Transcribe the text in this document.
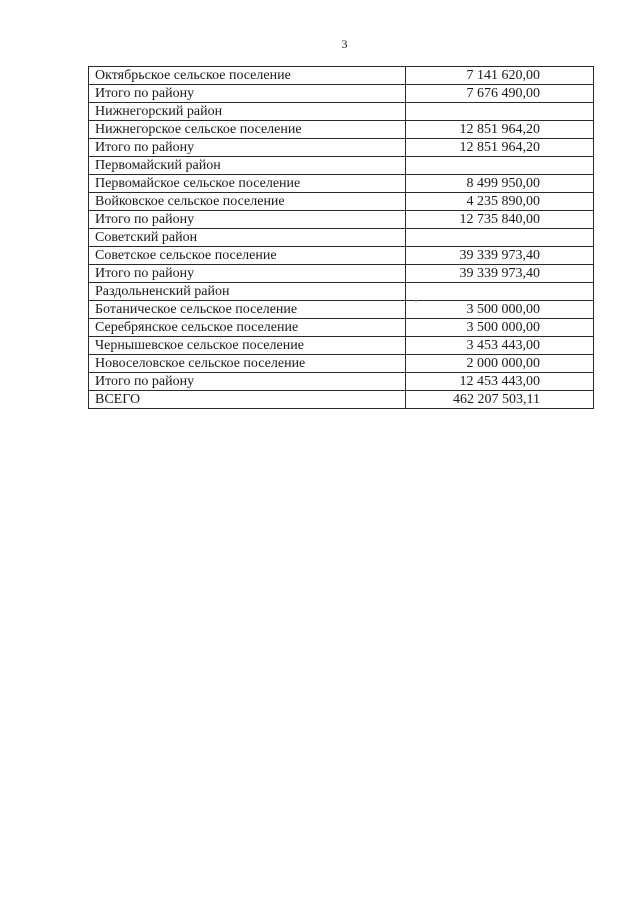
3
Октябрьское сельское поселение	7 141 620,00
Итого по району	7 676 490,00
Нижнегорский район	
Нижнегорское сельское поселение	12 851 964,20
Итого по району	12 851 964,20
Первомайский район	
Первомайское сельское поселение	8 499 950,00
Войковское сельское поселение	4 235 890,00
Итого по району	12 735 840,00
Советский район	
Советское сельское поселение	39 339 973,40
Итого по району	39 339 973,40
Раздольненский район	
Ботаническое сельское поселение	3 500 000,00
Серебрянское сельское поселение	3 500 000,00
Чернышевское сельское поселение	3 453 443,00
Новоселовское сельское поселение	2 000 000,00
Итого по району	12 453 443,00
ВСЕГО	462 207 503,11
